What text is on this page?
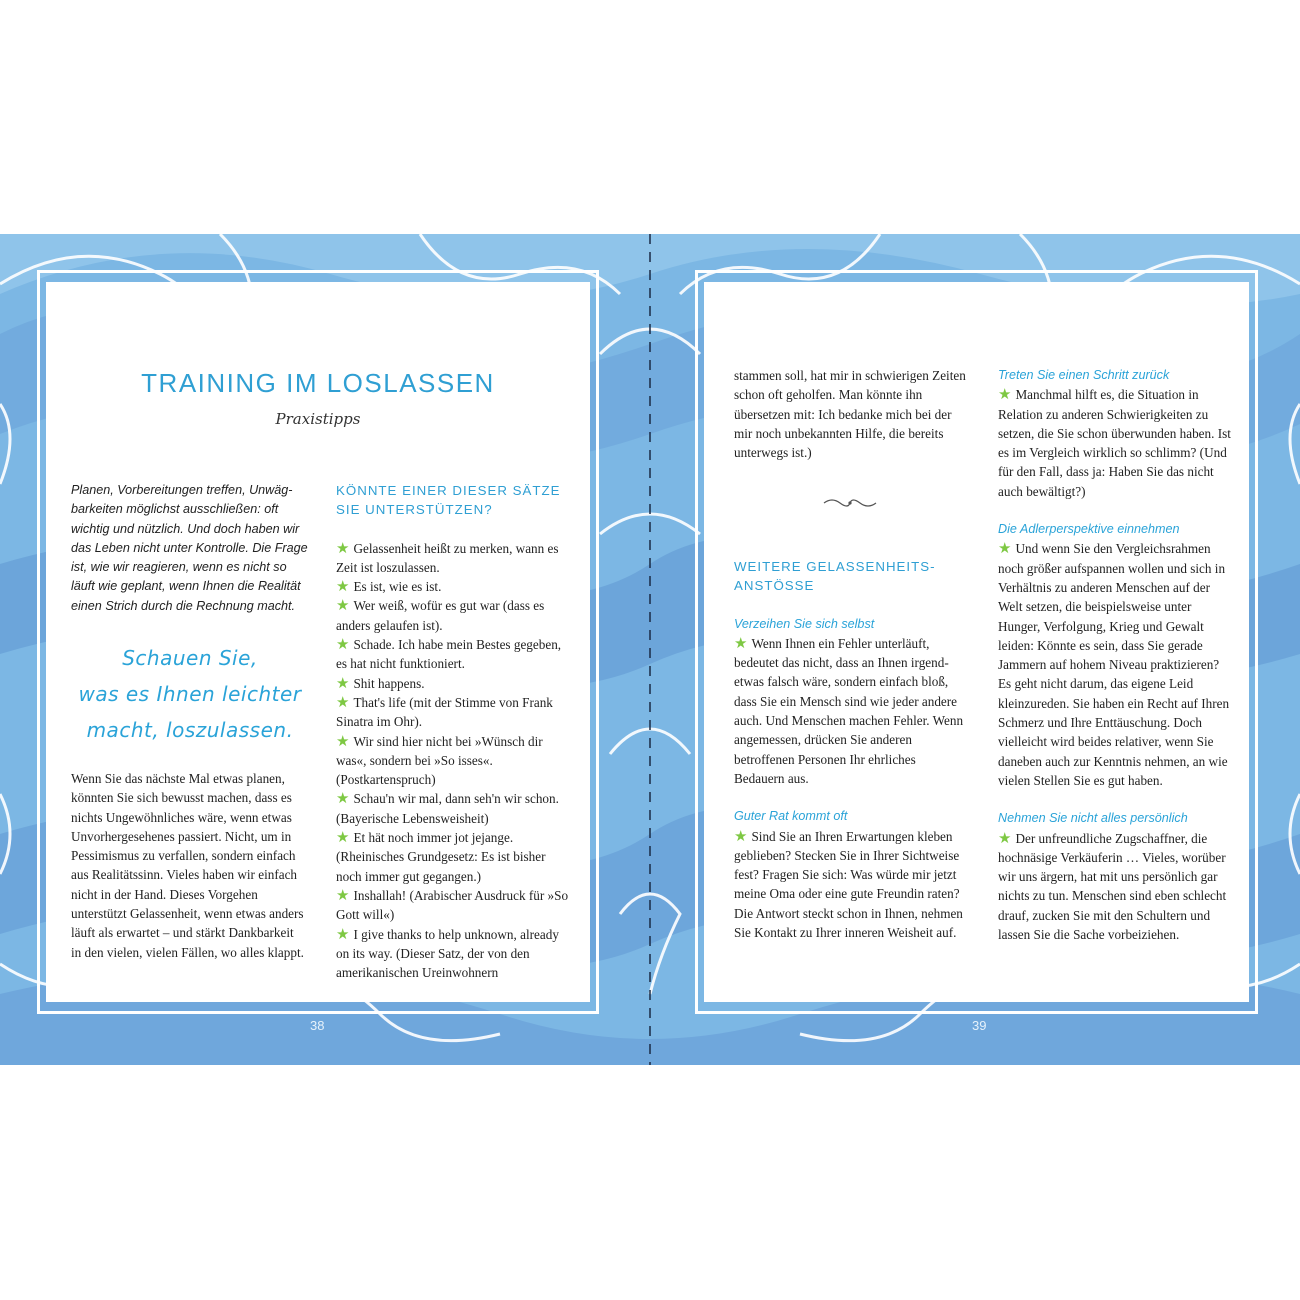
TRAINING IM LOSLASSEN
Praxistipps

Planen, Vorbereitungen treffen, Unwägbarkeiten möglichst ausschließen: oft wichtig und nützlich. Und doch haben wir das Leben nicht unter Kontrolle. Die Frage ist, wie wir reagieren, wenn es nicht so läuft wie geplant, wenn Ihnen die Realität einen Strich durch die Rechnung macht.

Schauen Sie,
was es Ihnen leichter
macht, loszulassen.

Wenn Sie das nächste Mal etwas planen, könnten Sie sich bewusst machen, dass es nichts Ungewöhnliches wäre, wenn etwas Unvorhergesehenes passiert. Nicht, um in Pessimismus zu verfallen, sondern einfach aus Realitätssinn. Vieles haben wir einfach nicht in der Hand. Dieses Vorgehen unterstützt Gelassenheit, wenn etwas anders läuft als erwartet – und stärkt Dankbarkeit in den vielen, vielen Fällen, wo alles klappt.

KÖNNTE EINER DIESER SÄTZE
SIE UNTERSTÜTZEN?

★ Gelassenheit heißt zu merken, wann es Zeit ist loszulassen.

★ Es ist, wie es ist.

★ Wer weiß, wofür es gut war (dass es anders gelaufen ist).

★ Schade. Ich habe mein Bestes gegeben, es hat nicht funktioniert.

★ Shit happens.

★ That's life (mit der Stimme von Frank Sinatra im Ohr).

★ Wir sind hier nicht bei »Wünsch dir was«, sondern bei »So isses«. (Postkartenspruch)

★ Schau'n wir mal, dann seh'n wir schon. (Bayerische Lebensweisheit)

★ Et hät noch immer jot jejange. (Rheinisches Grundgesetz: Es ist bisher noch immer gut gegangen.)

★ Inshallah! (Arabischer Ausdruck für »So Gott will«)

★ I give thanks to help unknown, already on its way. (Dieser Satz, der von den amerikanischen Ureinwohnern

38

stammen soll, hat mir in schwierigen Zeiten schon oft geholfen. Man könnte ihn übersetzen mit: Ich bedanke mich bei der mir noch unbekannten Hilfe, die bereits unterwegs ist.)

WEITERE GELASSENHEITS-
ANSTÖSSE
Verzeihen Sie sich selbst

★ Wenn Ihnen ein Fehler unterläuft, bedeutet das nicht, dass an Ihnen irgendetwas falsch wäre, sondern einfach bloß, dass Sie ein Mensch sind wie jeder andere auch. Und Menschen machen Fehler. Wenn angemessen, drücken Sie anderen betroffenen Personen Ihr ehrliches Bedauern aus.

Guter Rat kommt oft

★ Sind Sie an Ihren Erwartungen kleben geblieben? Stecken Sie in Ihrer Sichtweise fest? Fragen Sie sich: Was würde mir jetzt meine Oma oder eine gute Freundin raten? Die Antwort steckt schon in Ihnen, nehmen Sie Kontakt zu Ihrer inneren Weisheit auf.

Treten Sie einen Schritt zurück

★ Manchmal hilft es, die Situation in Relation zu anderen Schwierigkeiten zu setzen, die Sie schon überwunden haben. Ist es im Vergleich wirklich so schlimm? (Und für den Fall, dass ja: Haben Sie das nicht auch bewältigt?)

Die Adlerperspektive einnehmen

★ Und wenn Sie den Vergleichsrahmen noch größer aufspannen wollen und sich in Verhältnis zu anderen Menschen auf der Welt setzen, die beispielsweise unter Hunger, Verfolgung, Krieg und Gewalt leiden: Könnte es sein, dass Sie gerade Jammern auf hohem Niveau praktizieren? Es geht nicht darum, das eigene Leid kleinzureden. Sie haben ein Recht auf Ihren Schmerz und Ihre Enttäuschung. Doch vielleicht wird beides relativer, wenn Sie daneben auch zur Kenntnis nehmen, an wie vielen Stellen Sie es gut haben.

Nehmen Sie nicht alles persönlich

★ Der unfreundliche Zugschaffner, die hochnäsige Verkäuferin … Vieles, worüber wir uns ärgern, hat mit uns persönlich gar nichts zu tun. Menschen sind eben schlecht drauf, zucken Sie mit den Schultern und lassen Sie die Sache vorbeiziehen.

39
